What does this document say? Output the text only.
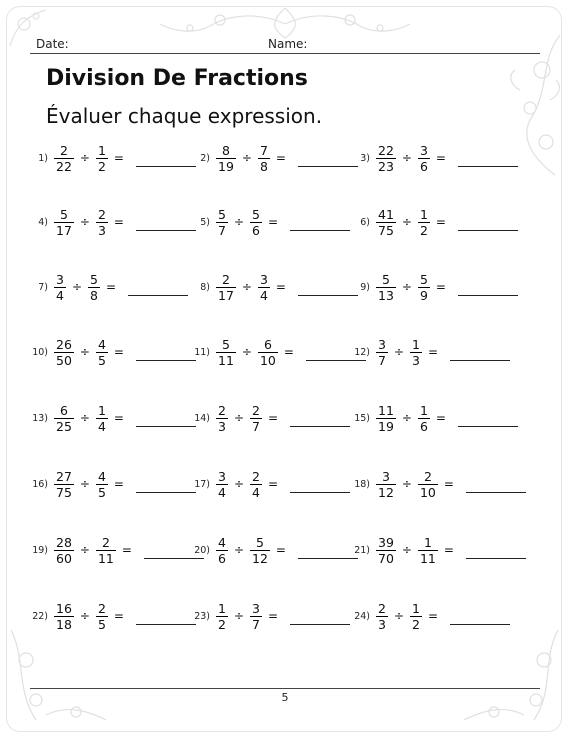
Date:	Name:
Division De Fractions
Évaluer chaque expression.
$1) \frac{2}{22} \div \frac{1}{2}$ =	$2) \frac{8}{19} \div \frac{7}{8}$ =	$3) \frac{22}{23} \div \frac{3}{6}$ =
$4) \frac{5}{17} \div \frac{2}{3}$ =	$5) \frac{5}{7} \div \frac{5}{6}$ =	$6) \frac{41}{75} \div \frac{1}{2}$ =
$7) \frac{3}{4} \div \frac{5}{8}$ =	$8) \frac{2}{17} \div \frac{3}{4}$ =	$9) \frac{5}{13} \div \frac{5}{9}$ =
$10) \frac{26}{50} \div \frac{4}{5}$ =	$11) \frac{5}{11} \div \frac{6}{10}$ =	$12) \frac{3}{7} \div \frac{1}{3}$ =
$13) \frac{6}{25} \div \frac{1}{4}$ =	$14) \frac{2}{3} \div \frac{2}{7}$ =	$15) \frac{11}{19} \div \frac{1}{6}$ =
$16) \frac{27}{75} \div \frac{4}{5}$ =	$17) \frac{3}{4} \div \frac{2}{4}$ =	$18) \frac{3}{12} \div \frac{2}{10}$ =
$19) \frac{28}{60} \div \frac{2}{11}$ =	$20) \frac{4}{6} \div \frac{5}{12}$ =	$21) \frac{39}{70} \div \frac{1}{11}$ =
$22) \frac{16}{18} \div \frac{2}{5}$ =	$23) \frac{1}{2} \div \frac{3}{7}$ =	$24) \frac{2}{3} \div \frac{1}{2}$ =
5
